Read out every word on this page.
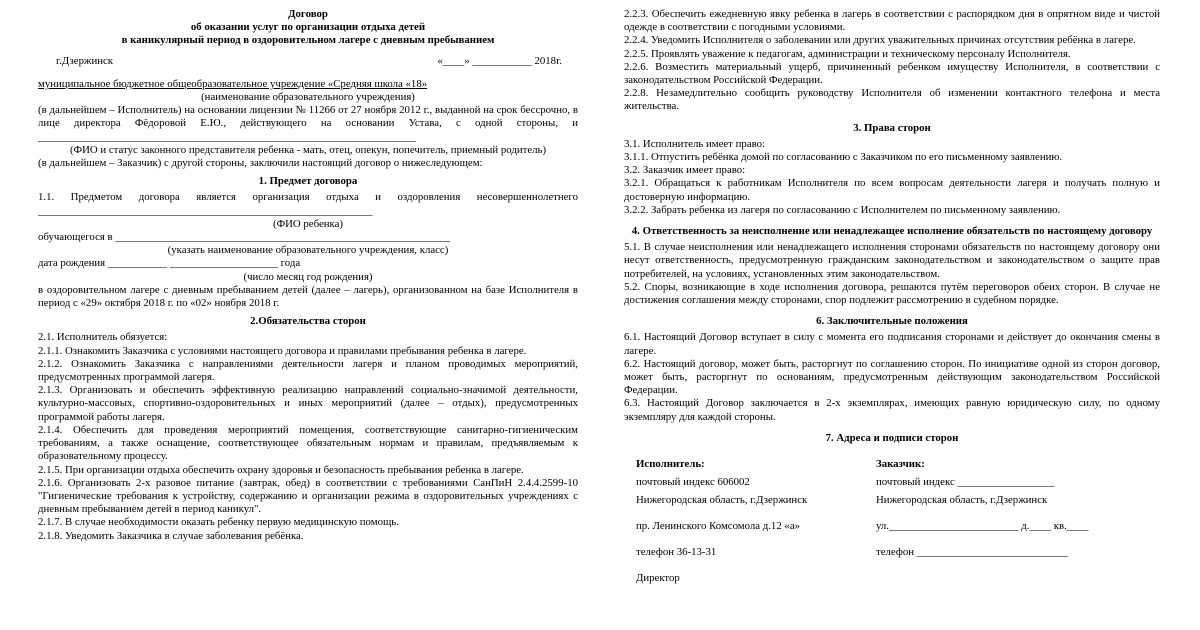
Договор

об оказании услуг по организации отдыха детей

в каникулярный период в оздоровительном лагере с дневным пребыванием

г.Дзержинск	«____» ___________ 2018г.

муниципальное бюджетное общеобразовательное учреждение «Средняя школа «18»

(наименование образовательного учреждения)

(в дальнейшем – Исполнитель) на основании лицензии № 11266 от 27 ноября 2012 г., выданной на срок бессрочно, в лице директора Фёдоровой Е.Ю., действующего на основании Устава, с одной стороны, и ______________________________________________________________________

(ФИО и статус законного представителя ребенка - мать, отец, опекун, попечитель, приемный родитель)

(в дальнейшем – Заказчик) с другой стороны, заключили настоящий договор о нижеследующем:

1. Предмет договора

1.1. Предметом договора является организация отдыха и оздоровления несовершеннолетнего ______________________________________________________________

(ФИО ребенка)

обучающегося в ______________________________________________________________

(указать наименование образовательного учреждения, класс)

дата рождения ___________ ____________________ года

(число месяц год рождения)

в оздоровительном лагере с дневным пребыванием детей (далее – лагерь), организованном на базе Исполнителя в период с «29» октября 2018 г. по «02» ноября 2018 г.

2.Обязательства сторон

2.1. Исполнитель обязуется:

2.1.1. Ознакомить Заказчика с условиями настоящего договора и правилами пребывания ребенка в лагере.

2.1.2. Ознакомить Заказчика с направлениями деятельности лагеря и планом проводимых мероприятий, предусмотренных программой лагеря.

2.1.3. Организовать и обеспечить эффективную реализацию направлений социально-значимой деятельности, культурно-массовых, спортивно-оздоровительных и иных мероприятий (далее – отдых), предусмотренных программой работы лагеря.

2.1.4. Обеспечить для проведения мероприятий помещения, соответствующие санитарно-гигиеническим требованиям, а также оснащение, соответствующее обязательным нормам и правилам, предъявляемым к образовательному процессу.

2.1.5. При организации отдыха обеспечить охрану здоровья и безопасность пребывания ребенка в лагере.

2.1.6. Организовать 2-х разовое питание (завтрак, обед) в соответствии с требованиями СанПиН 2.4.4.2599-10 "Гигиенические требования к устройству, содержанию и организации режима в оздоровительных учреждениях с дневным пребыванием детей в период каникул".

2.1.7. В случае необходимости оказать ребенку первую медицинскую помощь.

2.1.8. Уведомить Заказчика в случае заболевания ребёнка.

2.2.3. Обеспечить ежедневную явку ребенка в лагерь в соответствии с распорядком дня в опрятном виде и чистой одежде в соответствии с погодными условиями.

2.2.4. Уведомить Исполнителя о заболевании или других уважительных причинах отсутствия ребёнка в лагере.

2.2.5. Проявлять уважение к педагогам, администрации и техническому персоналу Исполнителя.

2.2.6. Возместить материальный ущерб, причиненный ребенком имуществу Исполнителя, в соответствии с законодательством Российской Федерации.

2.2.8. Незамедлительно сообщить руководству Исполнителя об изменении контактного телефона и места жительства.

3. Права сторон

3.1. Исполнитель имеет право:

3.1.1. Отпустить ребёнка домой по согласованию с Заказчиком по его письменному заявлению.

3.2. Заказчик имеет право:

3.2.1. Обращаться к работникам Исполнителя по всем вопросам деятельности лагеря и получать полную и достоверную информацию.

3.2.2. Забрать ребенка из лагеря по согласованию с Исполнителем по письменному заявлению.

4. Ответственность за неисполнение или ненадлежащее исполнение обязательств по настоящему договору

5.1. В случае неисполнения или ненадлежащего исполнения сторонами обязательств по настоящему договору они несут ответственность, предусмотренную гражданским законодательством и законодательством о защите прав потребителей, на условиях, установленных этим законодательством.

5.2. Споры, возникающие в ходе исполнения договора, решаются путём переговоров обеих сторон. В случае не достижения соглашения между сторонами, спор подлежит рассмотрению в судебном порядке.

6. Заключительные положения

6.1. Настоящий Договор вступает в силу с момента его подписания сторонами и действует до окончания смены в лагере.

6.2. Настоящий договор, может быть, расторгнут по соглашению сторон. По инициативе одной из сторон договор, может быть, расторгнут по основаниям, предусмотренным действующим законодательством Российской Федерации.

6.3. Настоящий Договор заключается в 2-х экземплярах, имеющих равную юридическую силу, по одному экземпляру для каждой стороны.

7. Адреса и подписи сторон

Исполнитель:
почтовый индекс 606002
Нижегородская область, г.Дзержинск
пр. Ленинского Комсомола д.12 «а»
телефон 36-13-31
Директор
Заказчик:
почтовый индекс __________________
Нижегородская область, г.Дзержинск
ул.________________________ д.____ кв.____
телефон ____________________________
